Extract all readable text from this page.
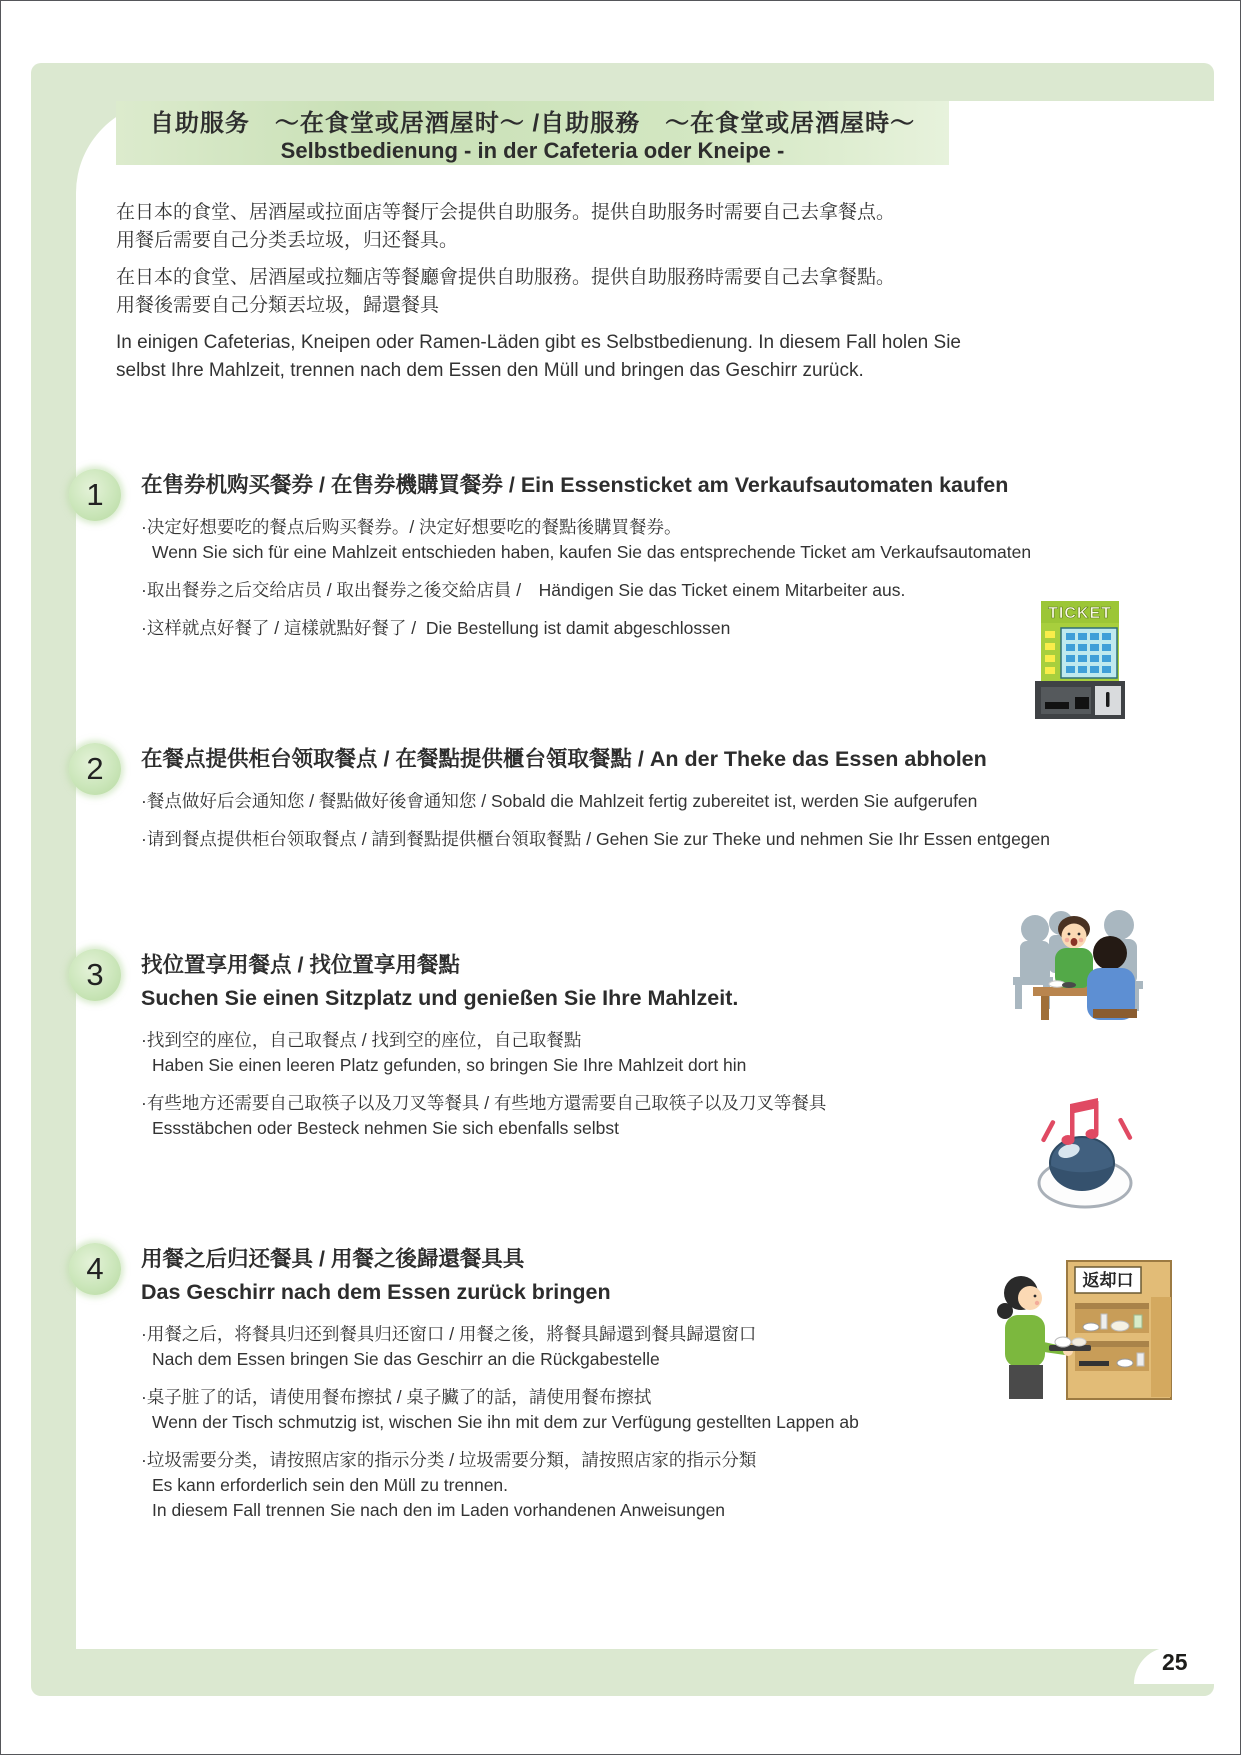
25
自助服务　～在食堂或居酒屋时～ /自助服務　～在食堂或居酒屋時～
Selbstbedienung - in der Cafeteria oder Kneipe -
在日本的食堂、居酒屋或拉面店等餐厅会提供自助服务。提供自助服务时需要自己去拿餐点。
用餐后需要自己分类丢垃圾，归还餐具。
在日本的食堂、居酒屋或拉麵店等餐廳會提供自助服務。提供自助服務時需要自己去拿餐點。
用餐後需要自己分類丟垃圾，歸還餐具
In einigen Cafeterias, Kneipen oder Ramen-Läden gibt es Selbstbedienung. In diesem Fall holen Sie
selbst Ihre Mahlzeit, trennen nach dem Essen den Müll und bringen das Geschirr zurück.
1	在售券机购买餐券 / 在售券機購買餐券 / Ein Essensticket am Verkaufsautomaten kaufen
·决定好想要吃的餐点后购买餐券。/ 決定好想要吃的餐點後購買餐券。
Wenn Sie sich für eine Mahlzeit entschieden haben, kaufen Sie das entsprechende Ticket am Verkaufsautomaten
·取出餐券之后交给店员 / 取出餐券之後交給店員 /　Händigen Sie das Ticket einem Mitarbeiter aus.
·这样就点好餐了 / 這樣就點好餐了 /  Die Bestellung ist damit abgeschlossen
TICKET
2	在餐点提供柜台领取餐点 / 在餐點提供櫃台領取餐點 / An der Theke das Essen abholen
·餐点做好后会通知您 / 餐點做好後會通知您 / Sobald die Mahlzeit fertig zubereitet ist, werden Sie aufgerufen
·请到餐点提供柜台领取餐点 / 請到餐點提供櫃台領取餐點 / Gehen Sie zur Theke und nehmen Sie Ihr Essen entgegen
3	找位置享用餐点 / 找位置享用餐點
Suchen Sie einen Sitzplatz und genießen Sie Ihre Mahlzeit.
·找到空的座位，自己取餐点 / 找到空的座位，自己取餐點
Haben Sie einen leeren Platz gefunden, so bringen Sie Ihre Mahlzeit dort hin
·有些地方还需要自己取筷子以及刀叉等餐具 / 有些地方還需要自己取筷子以及刀叉等餐具
Essstäbchen oder Besteck nehmen Sie sich ebenfalls selbst
4	用餐之后归还餐具 / 用餐之後歸還餐具具
Das Geschirr nach dem Essen zurück bringen
·用餐之后，将餐具归还到餐具归还窗口 / 用餐之後，將餐具歸還到餐具歸還窗口
Nach dem Essen bringen Sie das Geschirr an die Rückgabestelle
·桌子脏了的话，请使用餐布擦拭 / 桌子臟了的話，請使用餐布擦拭
Wenn der Tisch schmutzig ist, wischen Sie ihn mit dem zur Verfügung gestellten Lappen ab
·垃圾需要分类，请按照店家的指示分类 / 垃圾需要分類，請按照店家的指示分類
Es kann erforderlich sein den Müll zu trennen.
In diesem Fall trennen Sie nach den im Laden vorhandenen Anweisungen
返却口
